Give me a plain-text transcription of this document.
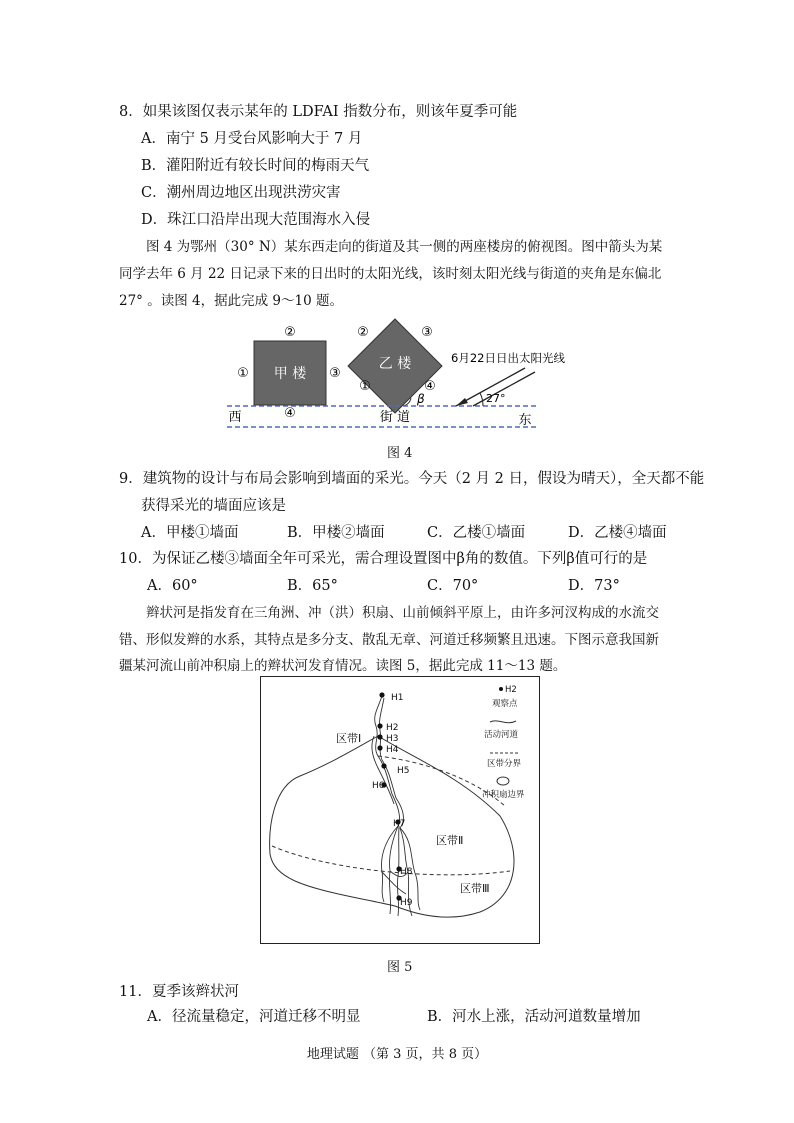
8．如果该图仅表示某年的 LDFAI 指数分布，则该年夏季可能
A．南宁 5 月受台风影响大于 7 月
B．灌阳附近有较长时间的梅雨天气
C．潮州周边地区出现洪涝灾害
D．珠江口沿岸出现大范围海水入侵
图 4 为鄂州（30° N）某东西走向的街道及其一侧的两座楼房的俯视图。图中箭头为某
同学去年 6 月 22 日记录下来的日出时的太阳光线，该时刻太阳光线与街道的夹角是东偏北
27° 。读图 4，据此完成 9～10 题。
甲 楼
①
②
③
④
乙 楼
①
②	③
④
β
西	街 道	东
27°
6月22日日出太阳光线
图 4
9．建筑物的设计与布局会影响到墙面的采光。今天（2 月 2 日，假设为晴天），全天都不能
获得采光的墙面应该是
A．甲楼①墙面	B．甲楼②墙面	C．乙楼①墙面	D．乙楼④墙面
10．为保证乙楼③墙面全年可采光，需合理设置图中β角的数值。下列β值可行的是
A．60°	B．65°	C．70°	D．73°
辫状河是指发育在三角洲、冲（洪）积扇、山前倾斜平原上，由许多河汊构成的水流交
错、形似发辫的水系，其特点是多分支、散乱无章、河道迁移频繁且迅速。下图示意我国新
疆某河流山前冲积扇上的辫状河发育情况。读图 5，据此完成 11～13 题。
H1
H2
H3
H4
H5
H6
H7
H8
H9
区带Ⅰ
区带Ⅱ
区带Ⅲ
H2
观察点
活动河道
区带分界
冲积扇边界
图 5
11．夏季该辫状河
A．径流量稳定，河道迁移不明显	B．河水上涨，活动河道数量增加
地理试题 （第 3 页，共 8 页）
